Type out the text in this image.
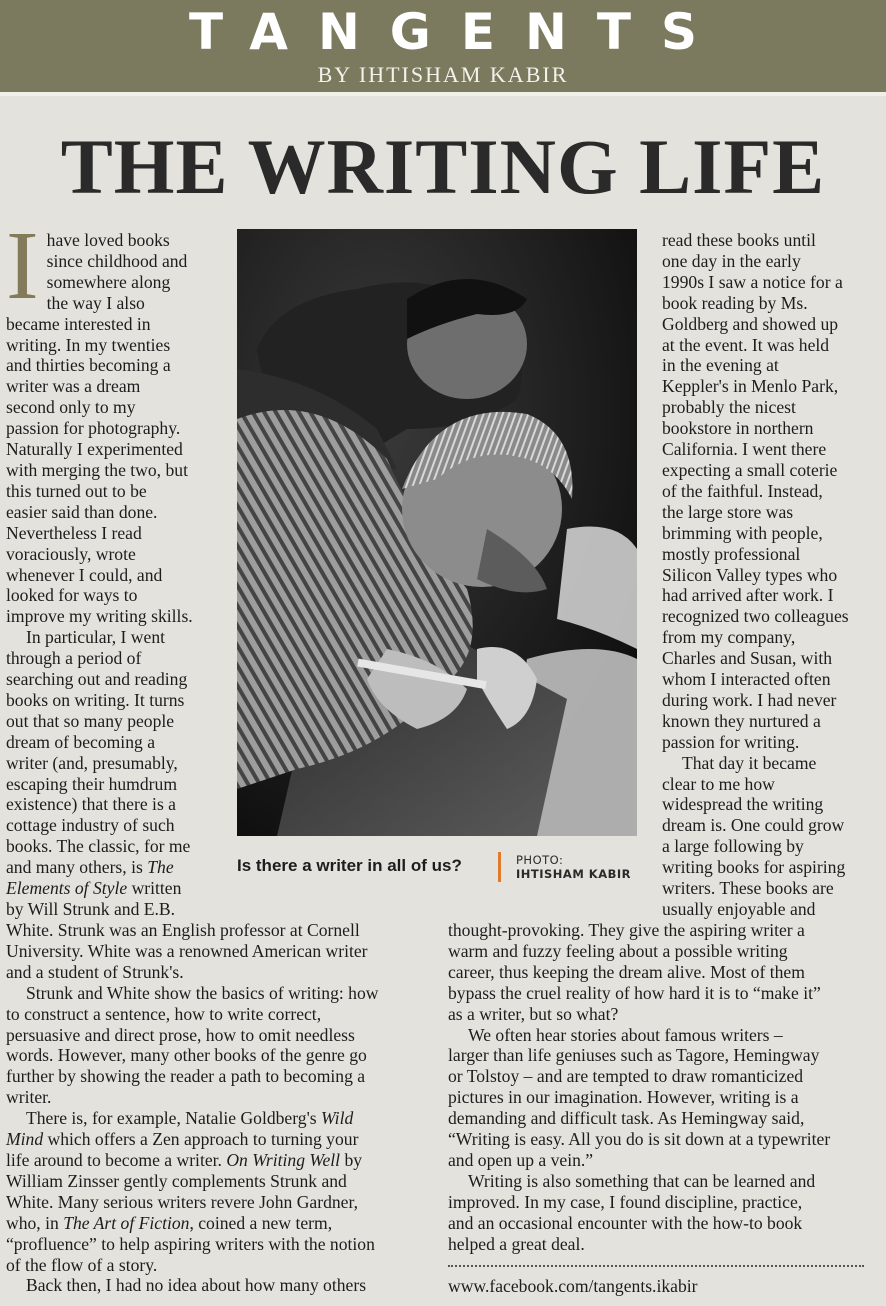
TANGENTS
BY IHTISHAM KABIR
THE WRITING LIFE
I have loved books
since childhood and
somewhere along
the way I also
became interested in
writing. In my twenties
and thirties becoming a
writer was a dream
second only to my
passion for photography.
Naturally I experimented
with merging the two, but
this turned out to be
easier said than done.
Nevertheless I read
voraciously, wrote
whenever I could, and
looked for ways to
improve my writing skills.
In particular, I went
through a period of
searching out and reading
books on writing. It turns
out that so many people
dream of becoming a
writer (and, presumably,
escaping their humdrum
existence) that there is a
cottage industry of such
books. The classic, for me
and many others, is The
Elements of Style written
by Will Strunk and E.B.
Is there a writer in all of us?	PHOTO:
IHTISHAM KABIR
read these books until
one day in the early
1990s I saw a notice for a
book reading by Ms.
Goldberg and showed up
at the event. It was held
in the evening at
Keppler's in Menlo Park,
probably the nicest
bookstore in northern
California. I went there
expecting a small coterie
of the faithful. Instead,
the large store was
brimming with people,
mostly professional
Silicon Valley types who
had arrived after work. I
recognized two colleagues
from my company,
Charles and Susan, with
whom I interacted often
during work. I had never
known they nurtured a
passion for writing.
That day it became
clear to me how
widespread the writing
dream is. One could grow
a large following by
writing books for aspiring
writers. These books are
usually enjoyable and
White. Strunk was an English professor at Cornell
University. White was a renowned American writer
and a student of Strunk's.
Strunk and White show the basics of writing: how
to construct a sentence, how to write correct,
persuasive and direct prose, how to omit needless
words. However, many other books of the genre go
further by showing the reader a path to becoming a
writer.
There is, for example, Natalie Goldberg's Wild
Mind which offers a Zen approach to turning your
life around to become a writer. On Writing Well by
William Zinsser gently complements Strunk and
White. Many serious writers revere John Gardner,
who, in The Art of Fiction, coined a new term,
“profluence” to help aspiring writers with the notion
of the flow of a story.
Back then, I had no idea about how many others
thought-provoking. They give the aspiring writer a
warm and fuzzy feeling about a possible writing
career, thus keeping the dream alive. Most of them
bypass the cruel reality of how hard it is to “make it”
as a writer, but so what?
We often hear stories about famous writers –
larger than life geniuses such as Tagore, Hemingway
or Tolstoy – and are tempted to draw romanticized
pictures in our imagination. However, writing is a
demanding and difficult task. As Hemingway said,
“Writing is easy. All you do is sit down at a typewriter
and open up a vein.”
Writing is also something that can be learned and
improved. In my case, I found discipline, practice,
and an occasional encounter with the how-to book
helped a great deal.
www.facebook.com/tangents.ikabir
